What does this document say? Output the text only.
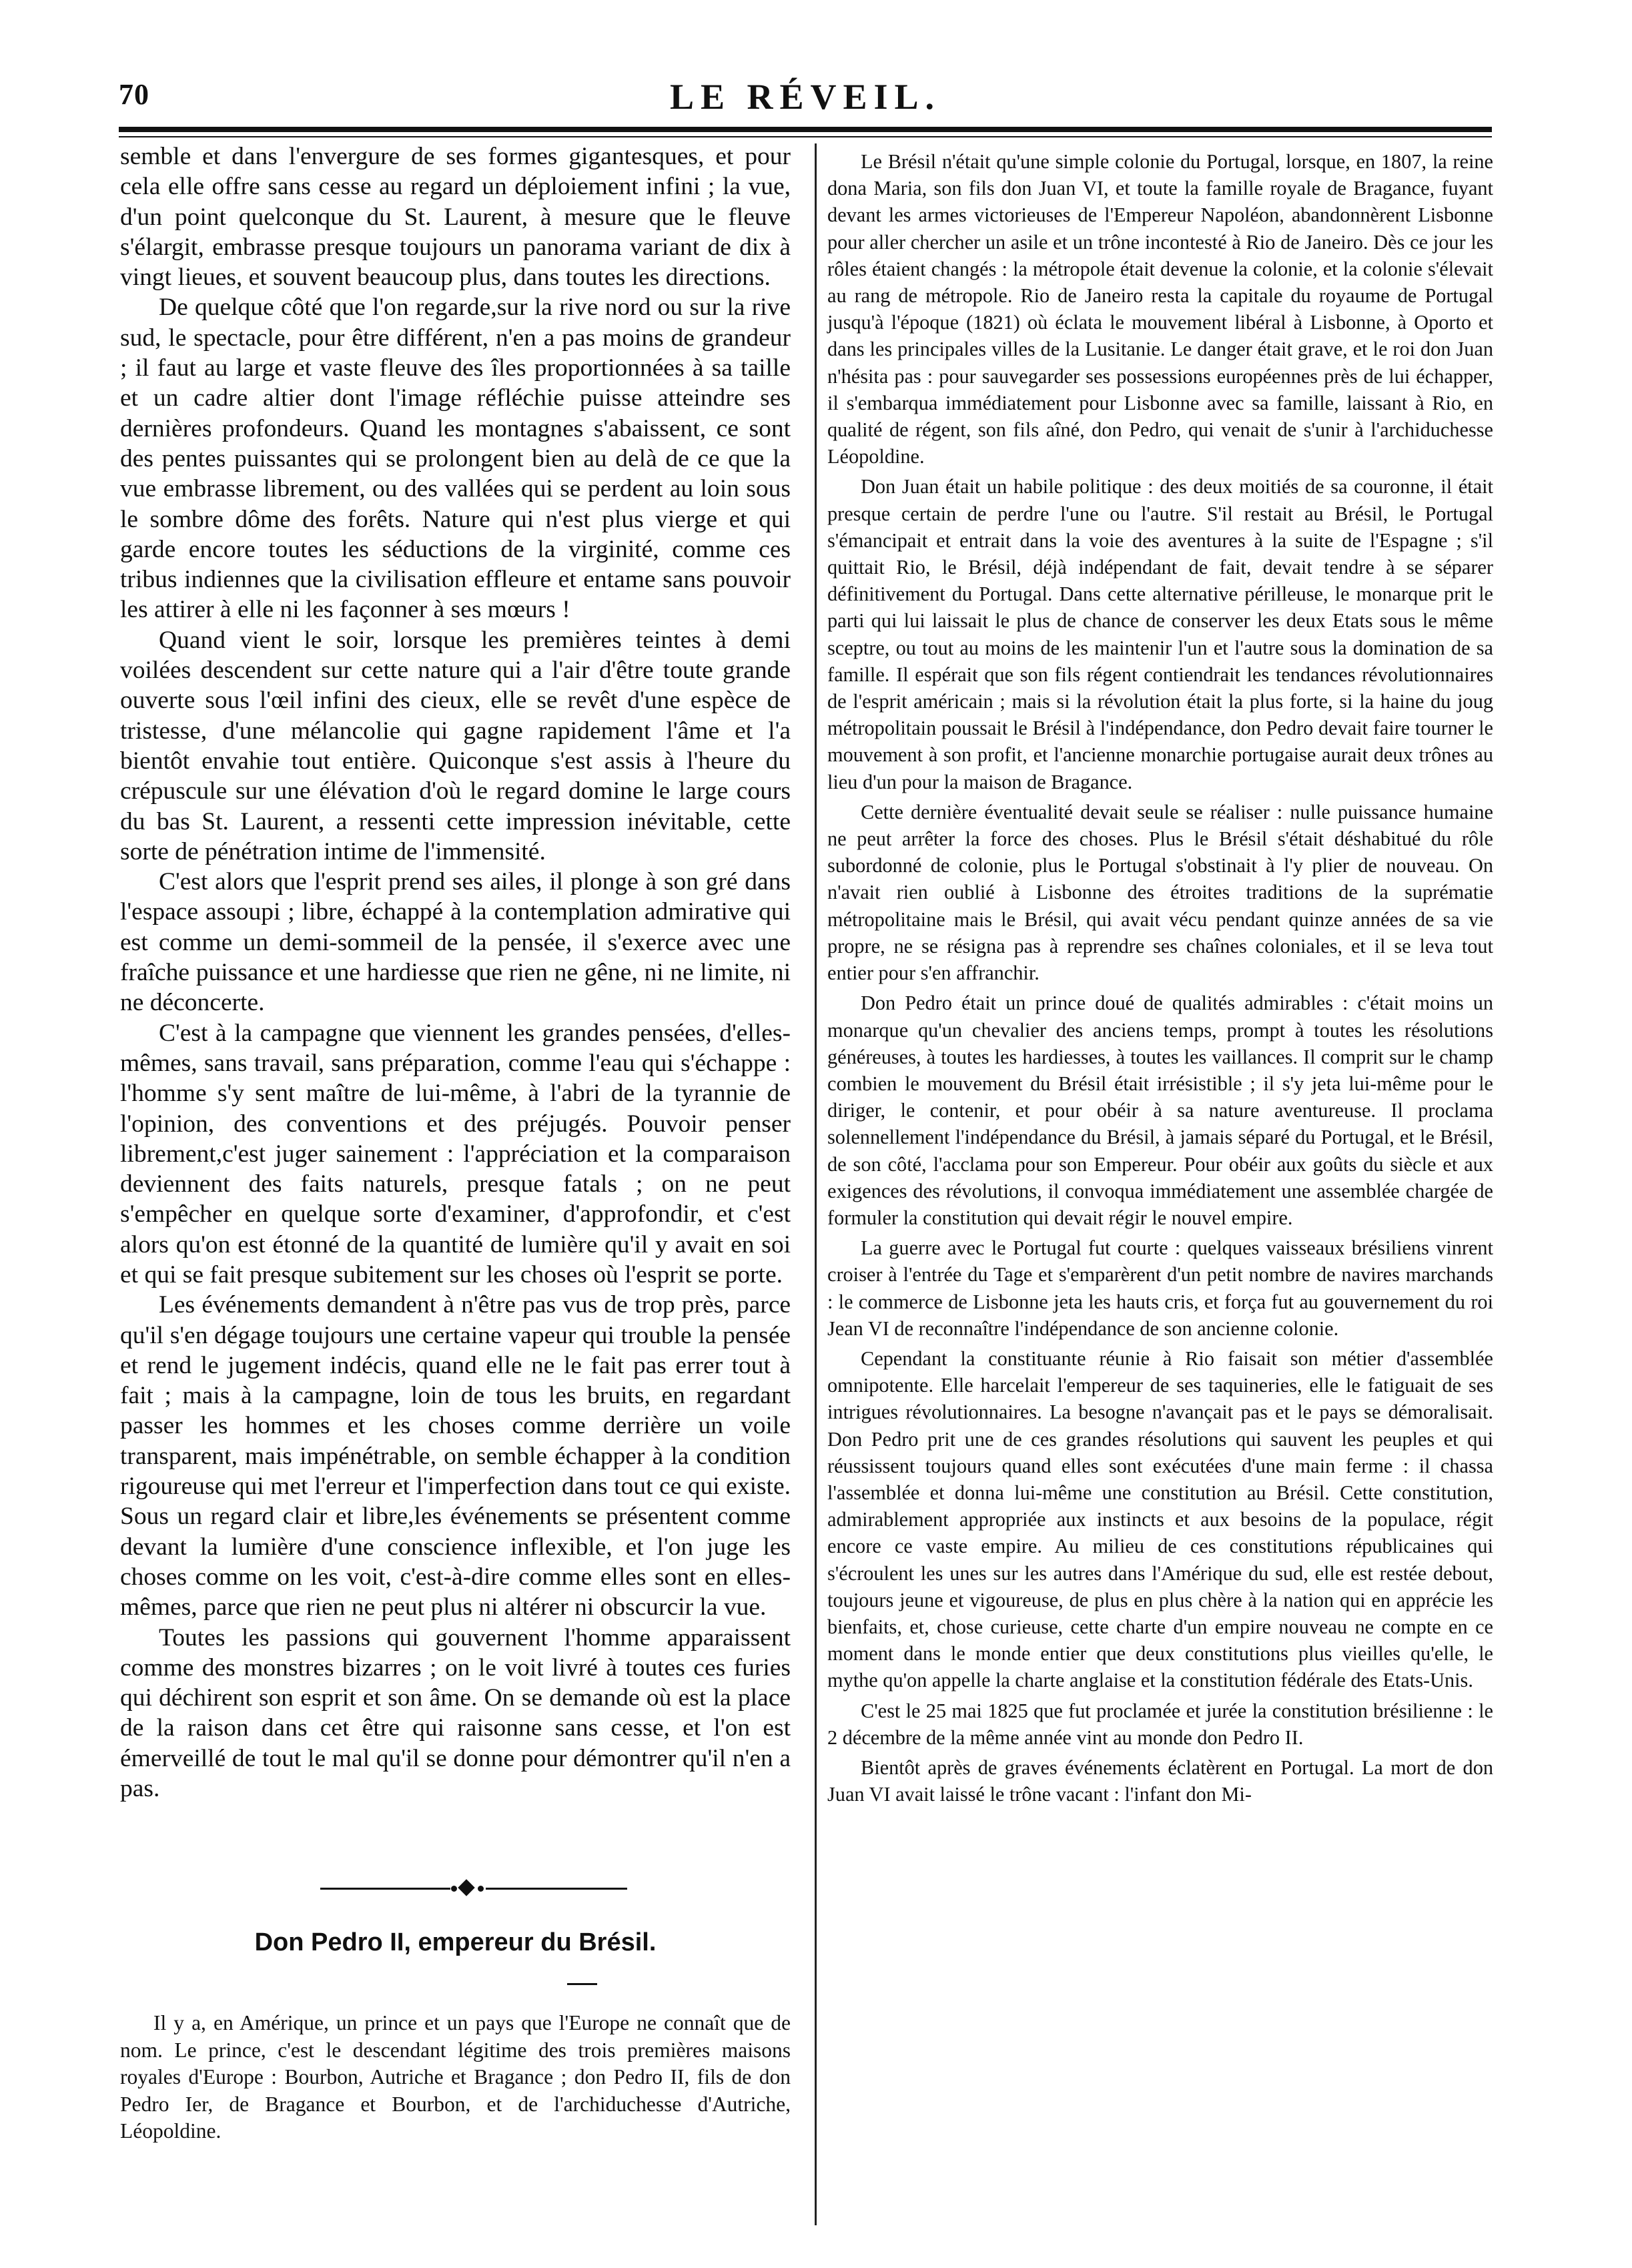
70	LE RÉVEIL.

semble et dans l'envergure de ses formes gigantesques, et pour cela elle offre sans cesse au regard un déploiement infini ; la vue, d'un point quelconque du St. Laurent, à mesure que le fleuve s'élargit, embrasse presque toujours un panorama variant de dix à vingt lieues, et souvent beaucoup plus, dans toutes les directions.

De quelque côté que l'on regarde,sur la rive nord ou sur la rive sud, le spectacle, pour être différent, n'en a pas moins de grandeur ; il faut au large et vaste fleuve des îles proportionnées à sa taille et un cadre altier dont l'image réfléchie puisse atteindre ses dernières profondeurs. Quand les montagnes s'abaissent, ce sont des pentes puissantes qui se prolongent bien au delà de ce que la vue embrasse librement, ou des vallées qui se perdent au loin sous le sombre dôme des forêts. Nature qui n'est plus vierge et qui garde encore toutes les séductions de la virginité, comme ces tribus indiennes que la civilisation effleure et entame sans pouvoir les attirer à elle ni les façonner à ses mœurs !

Quand vient le soir, lorsque les premières teintes à demi voilées descendent sur cette nature qui a l'air d'être toute grande ouverte sous l'œil infini des cieux, elle se revêt d'une espèce de tristesse, d'une mélancolie qui gagne rapidement l'âme et l'a bientôt envahie tout entière. Quiconque s'est assis à l'heure du crépuscule sur une élévation d'où le regard domine le large cours du bas St. Laurent, a ressenti cette impression inévitable, cette sorte de pénétration intime de l'immensité.

C'est alors que l'esprit prend ses ailes, il plonge à son gré dans l'espace assoupi ; libre, échappé à la contemplation admirative qui est comme un demi-sommeil de la pensée, il s'exerce avec une fraîche puissance et une hardiesse que rien ne gêne, ni ne limite, ni ne déconcerte.

C'est à la campagne que viennent les grandes pensées, d'elles-mêmes, sans travail, sans préparation, comme l'eau qui s'échappe : l'homme s'y sent maître de lui-même, à l'abri de la tyrannie de l'opinion, des conventions et des préjugés. Pouvoir penser librement,c'est juger sainement : l'appréciation et la comparaison deviennent des faits naturels, presque fatals ; on ne peut s'empêcher en quelque sorte d'examiner, d'approfondir, et c'est alors qu'on est étonné de la quantité de lumière qu'il y avait en soi et qui se fait presque subitement sur les choses où l'esprit se porte.

Les événements demandent à n'être pas vus de trop près, parce qu'il s'en dégage toujours une certaine vapeur qui trouble la pensée et rend le jugement indécis, quand elle ne le fait pas errer tout à fait ; mais à la campagne, loin de tous les bruits, en regardant passer les hommes et les choses comme derrière un voile transparent, mais impénétrable, on semble échapper à la condition rigoureuse qui met l'erreur et l'imperfection dans tout ce qui existe. Sous un regard clair et libre,les événements se présentent comme devant la lumière d'une conscience inflexible, et l'on juge les choses comme on les voit, c'est-à-dire comme elles sont en elles-mêmes, parce que rien ne peut plus ni altérer ni obscurcir la vue.

Toutes les passions qui gouvernent l'homme apparaissent comme des monstres bizarres ; on le voit livré à toutes ces furies qui déchirent son esprit et son âme. On se demande où est la place de la raison dans cet être qui raisonne sans cesse, et l'on est émerveillé de tout le mal qu'il se donne pour démontrer qu'il n'en a pas.

Don Pedro II, empereur du Brésil.

Il y a, en Amérique, un prince et un pays que l'Europe ne connaît que de nom. Le prince, c'est le descendant légitime des trois premières maisons royales d'Europe : Bourbon, Autriche et Bragance ; don Pedro II, fils de don Pedro Ier, de Bragance et Bourbon, et de l'archiduchesse d'Autriche, Léopoldine.

Le Brésil n'était qu'une simple colonie du Portugal, lorsque, en 1807, la reine dona Maria, son fils don Juan VI, et toute la famille royale de Bragance, fuyant devant les armes victorieuses de l'Empereur Napoléon, abandonnèrent Lisbonne pour aller chercher un asile et un trône incontesté à Rio de Janeiro. Dès ce jour les rôles étaient changés : la métropole était devenue la colonie, et la colonie s'élevait au rang de métropole. Rio de Janeiro resta la capitale du royaume de Portugal jusqu'à l'époque (1821) où éclata le mouvement libéral à Lisbonne, à Oporto et dans les principales villes de la Lusitanie. Le danger était grave, et le roi don Juan n'hésita pas : pour sauvegarder ses possessions européennes près de lui échapper, il s'embarqua immédiatement pour Lisbonne avec sa famille, laissant à Rio, en qualité de régent, son fils aîné, don Pedro, qui venait de s'unir à l'archiduchesse Léopoldine.

Don Juan était un habile politique : des deux moitiés de sa couronne, il était presque certain de perdre l'une ou l'autre. S'il restait au Brésil, le Portugal s'émancipait et entrait dans la voie des aventures à la suite de l'Espagne ; s'il quittait Rio, le Brésil, déjà indépendant de fait, devait tendre à se séparer définitivement du Portugal. Dans cette alternative périlleuse, le monarque prit le parti qui lui laissait le plus de chance de conserver les deux Etats sous le même sceptre, ou tout au moins de les maintenir l'un et l'autre sous la domination de sa famille. Il espérait que son fils régent contiendrait les tendances révolutionnaires de l'esprit américain ; mais si la révolution était la plus forte, si la haine du joug métropolitain poussait le Brésil à l'indépendance, don Pedro devait faire tourner le mouvement à son profit, et l'ancienne monarchie portugaise aurait deux trônes au lieu d'un pour la maison de Bragance.

Cette dernière éventualité devait seule se réaliser : nulle puissance humaine ne peut arrêter la force des choses. Plus le Brésil s'était déshabitué du rôle subordonné de colonie, plus le Portugal s'obstinait à l'y plier de nouveau. On n'avait rien oublié à Lisbonne des étroites traditions de la suprématie métropolitaine mais le Brésil, qui avait vécu pendant quinze années de sa vie propre, ne se résigna pas à reprendre ses chaînes coloniales, et il se leva tout entier pour s'en affranchir.

Don Pedro était un prince doué de qualités admirables : c'était moins un monarque qu'un chevalier des anciens temps, prompt à toutes les résolutions généreuses, à toutes les hardiesses, à toutes les vaillances. Il comprit sur le champ combien le mouvement du Brésil était irrésistible ; il s'y jeta lui-même pour le diriger, le contenir, et pour obéir à sa nature aventureuse. Il proclama solennellement l'indépendance du Brésil, à jamais séparé du Portugal, et le Brésil, de son côté, l'acclama pour son Empereur. Pour obéir aux goûts du siècle et aux exigences des révolutions, il convoqua immédiatement une assemblée chargée de formuler la constitution qui devait régir le nouvel empire.

La guerre avec le Portugal fut courte : quelques vaisseaux brésiliens vinrent croiser à l'entrée du Tage et s'emparèrent d'un petit nombre de navires marchands : le commerce de Lisbonne jeta les hauts cris, et força fut au gouvernement du roi Jean VI de reconnaître l'indépendance de son ancienne colonie.

Cependant la constituante réunie à Rio faisait son métier d'assemblée omnipotente. Elle harcelait l'empereur de ses taquineries, elle le fatiguait de ses intrigues révolutionnaires. La besogne n'avançait pas et le pays se démoralisait. Don Pedro prit une de ces grandes résolutions qui sauvent les peuples et qui réussissent toujours quand elles sont exécutées d'une main ferme : il chassa l'assemblée et donna lui-même une constitution au Brésil. Cette constitution, admirablement appropriée aux instincts et aux besoins de la populace, régit encore ce vaste empire. Au milieu de ces constitutions républicaines qui s'écroulent les unes sur les autres dans l'Amérique du sud, elle est restée debout, toujours jeune et vigoureuse, de plus en plus chère à la nation qui en apprécie les bienfaits, et, chose curieuse, cette charte d'un empire nouveau ne compte en ce moment dans le monde entier que deux constitutions plus vieilles qu'elle, le mythe qu'on appelle la charte anglaise et la constitution fédérale des Etats-Unis.

C'est le 25 mai 1825 que fut proclamée et jurée la constitution brésilienne : le 2 décembre de la même année vint au monde don Pedro II.

Bientôt après de graves événements éclatèrent en Portugal. La mort de don Juan VI avait laissé le trône vacant : l'infant don Mi-
